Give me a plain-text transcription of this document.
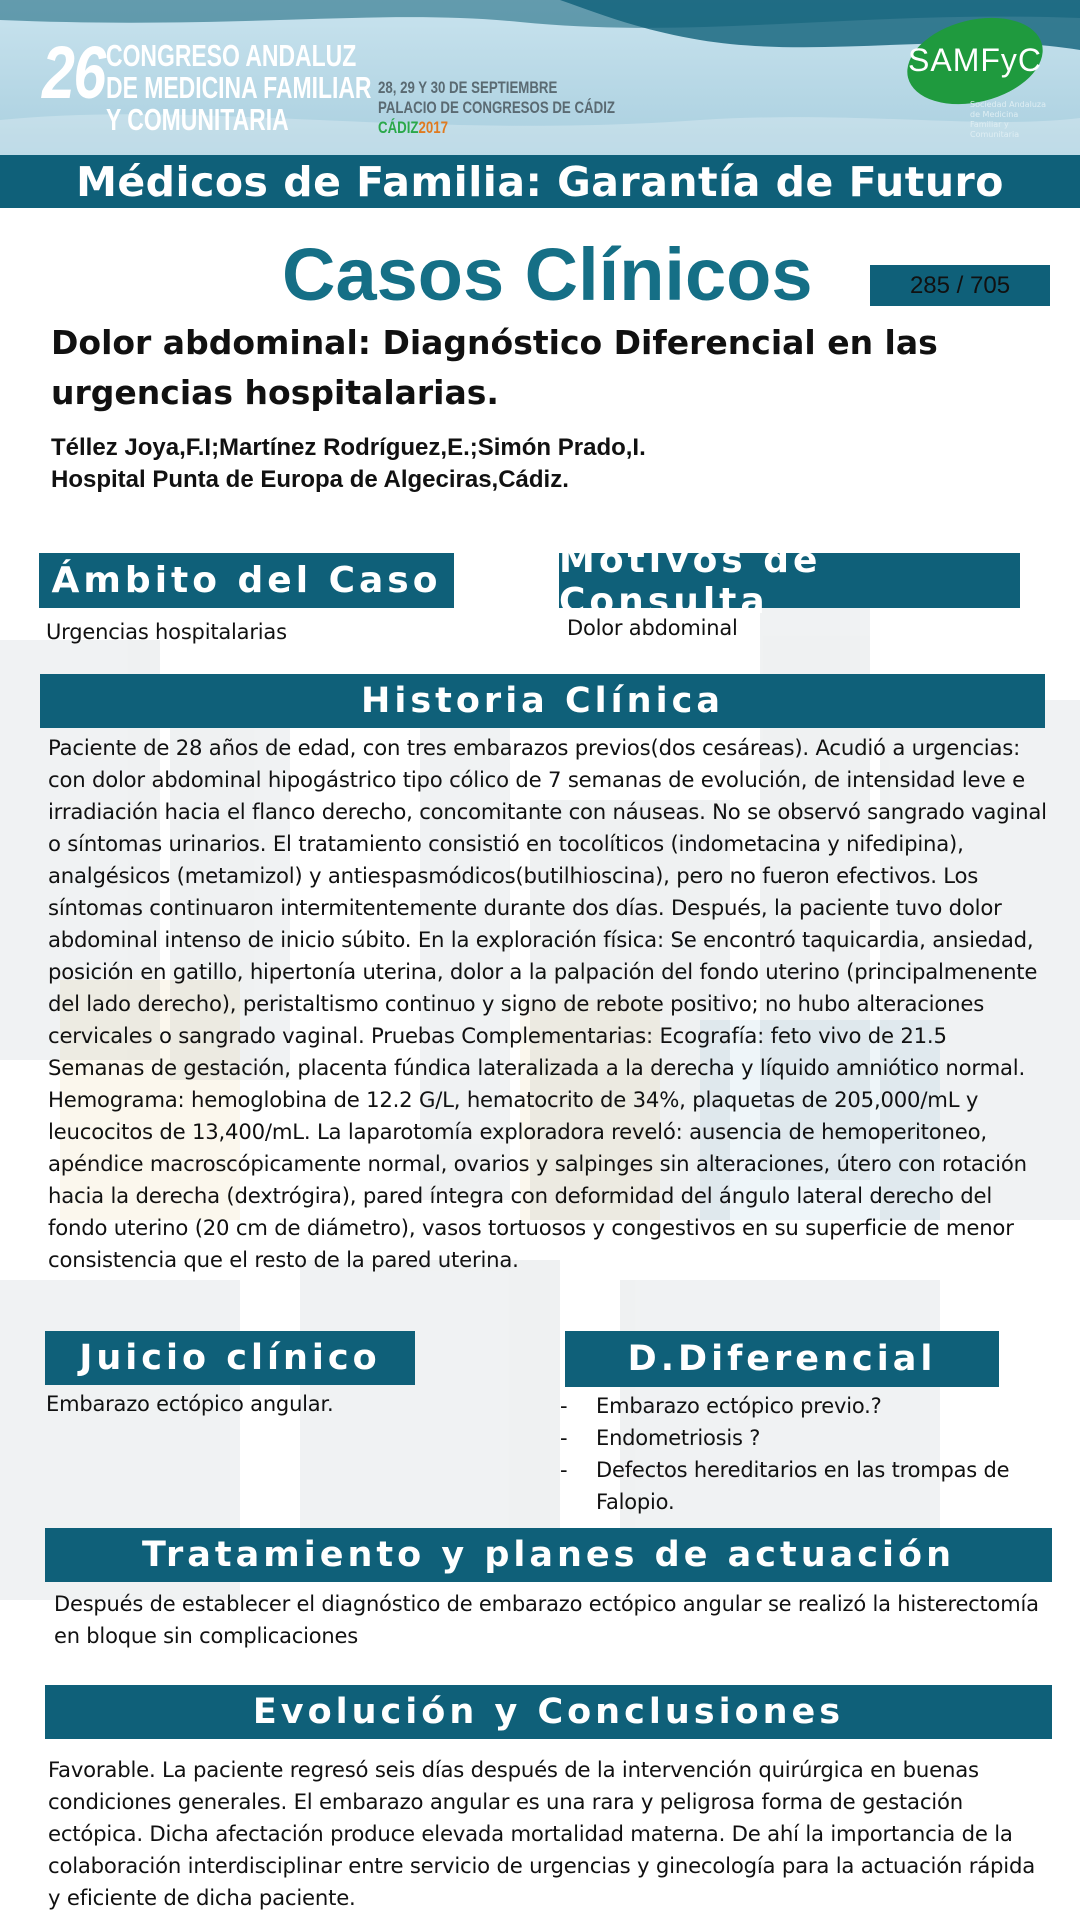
26 CONGRESO ANDALUZ
DE MEDICINA FAMILIAR
Y COMUNITARIA
28, 29 Y 30 DE SEPTIEMBRE
PALACIO DE CONGRESOS DE CÁDIZ
CÁDIZ2017
SAMFyC
Sociedad Andaluza de Medicina Familiar y Comunitaria
Médicos de Familia: Garantía de Futuro
Casos Clínicos	285 / 705
Dolor abdominal: Diagnóstico Diferencial en las
urgencias hospitalarias.
Téllez Joya,F.I;Martínez Rodríguez,E.;Simón Prado,I.
Hospital Punta de Europa de Algeciras,Cádiz.
Ámbito del Caso
Urgencias hospitalarias
Motivos de Consulta
Dolor abdominal
Historia Clínica
Paciente de 28 años de edad, con tres embarazos previos(dos cesáreas). Acudió a urgencias: con dolor abdominal hipogástrico tipo cólico de 7 semanas de evolución, de intensidad leve e irradiación hacia el flanco derecho, concomitante con náuseas. No se observó sangrado vaginal o síntomas urinarios. El tratamiento consistió en tocolíticos (indometacina y nifedipina), analgésicos (metamizol) y antiespasmódicos(butilhioscina), pero no fueron efectivos. Los síntomas continuaron intermitentemente durante dos días. Después, la paciente tuvo dolor abdominal intenso de inicio súbito. En la exploración física: Se encontró taquicardia, ansiedad, posición en gatillo, hipertonía uterina, dolor a la palpación del fondo uterino (principalmenente del lado derecho), peristaltismo continuo y signo de rebote positivo; no hubo alteraciones cervicales o sangrado vaginal. Pruebas Complementarias: Ecografía: feto vivo de 21.5 Semanas de gestación, placenta fúndica lateralizada a la derecha y líquido amniótico normal. Hemograma: hemoglobina de 12.2 G/L, hematocrito de 34%, plaquetas de 205,000/mL y leucocitos de 13,400/mL. La laparotomía exploradora reveló: ausencia de hemoperitoneo, apéndice macroscópicamente normal, ovarios y salpinges sin alteraciones, útero con rotación hacia la derecha (dextrógira), pared íntegra con deformidad del ángulo lateral derecho del fondo uterino (20 cm de diámetro), vasos tortuosos y congestivos en su superficie de menor consistencia que el resto de la pared uterina.
Juicio clínico
Embarazo ectópico angular.
D.Diferencial
- Embarazo ectópico previo.?
- Endometriosis ?
- Defectos hereditarios en las trompas de Falopio.
Tratamiento y planes de actuación
Después de establecer el diagnóstico de embarazo ectópico angular se realizó la histerectomía en bloque sin complicaciones
Evolución y Conclusiones
Favorable. La paciente regresó seis días después de la intervención quirúrgica en buenas condiciones generales. El embarazo angular es una rara y peligrosa forma de gestación ectópica. Dicha afectación produce elevada mortalidad materna. De ahí la importancia de la colaboración interdisciplinar entre servicio de urgencias y ginecología para la actuación rápida y eficiente de dicha paciente.
